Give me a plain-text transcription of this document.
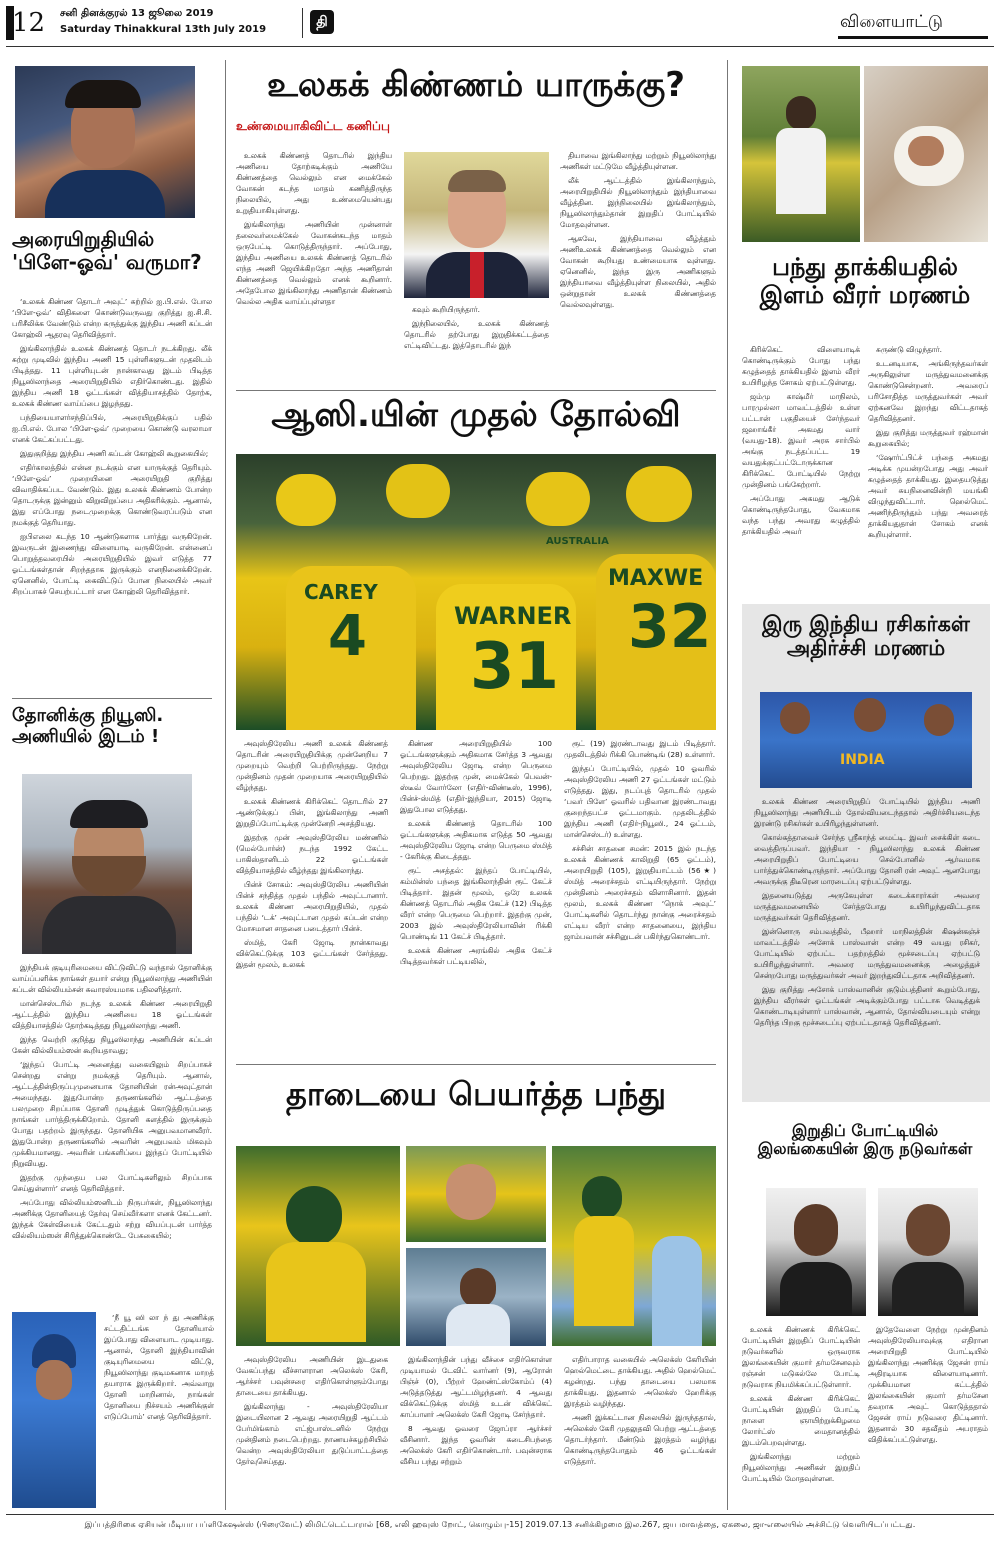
12 சனி தினக்குரல் 13 ஜூலை 2019
Saturday Thinakkural 13th July 2019	தி	விளையாட்டு
அரையிறுதியில் 'பிளே-ஓவ்' வருமா?

‘உலகக் கிண்ண தொடர் அவுட்’ சுற்றில் ஐ.பி.எல். போல ‘பிளே-ஓவ்’ விதிகளை கொண்டுவருவது குறித்து ஐ.சி.சி. பரிசீலிக்க வேண்டும் என்ற கருத்துக்கு இந்திய அணி கப்டன் கோஹ்லி ஆதரவு தெரிவித்தார்.

இங்கிலாந்தில் உலகக் கிண்ணத் தொடர் நடக்கிறது. லீக் சுற்று முடிவில் இந்திய அணி 15 புள்ளிகளுடன் முதலிடம் பிடித்தது. 11 புள்ளியுடன் நான்காவது இடம் பிடித்த நியூஸிலாந்தை அரையிறுதியில் எதிர்கொண்டது. இதில் இந்திய அணி 18 ஓட்டங்கள் வித்தியாசத்தில் தோற்க, உலகக் கிண்ண வாய்ப்பை இழந்தது.

பந்தியையாளர்சந்திப்பில், அரையிறுதிக்குப் பதில் ஐ.பி.எல். போல ‘பிளே-ஓவ்’ முறையை கொண்டு வரலாமா எனக் கேட்கப்பட்டது.

இதுகுறித்து இந்திய அணி கப்டன் கோஹ்லி கூறுகையில்;

எதிர்காலத்தில் என்ன நடக்கும் என யாருக்குத் தெரியும். ‘பிளே-ஓவ்’ முறையினை அரையிறுதி குறித்து விவாதிக்கப்பட வேண்டும். இது உலகக் கிண்ணம் போன்ற தொடருக்கு இன்னும் விறுவிறுப்பை அதிகரிக்கும். ஆனால், இது எப்போது நடைமுறைக்கு கொண்டுவரப்படும் என நமக்குத் தெரியாது.

ஐபிஎலை கடந்த 10 ஆண்டுகளாக பார்த்து வருகிறேன். இவருடன் இணைந்து விளையாடி வருகிறேன். என்னைப் பொறுத்தவரையில் அரையிறுதியில் இவர் எடுத்த 77 ஓட்டங்கள்தான் சிறந்ததாக இருக்கும் எனநினைக்கிறேன். ஏனெனில், போட்டி கைவிட்டுப் போன நிலையில் அவர் சிறப்பாகச் செயற்பட்டார் என கோஹ்லி தெரிவித்தார்.

தோனிக்கு நியூஸி. அணியில் இடம் !

இந்தியக் குடியுரிமையை விட்டுவிட்டு வந்தால் தோனிக்கு வாய்ப்பளிக்க நாங்கள் தயார் என்று நியூஸிலாந்து அணியின் கப்டன் வில்லியம்சன் சுவாரஸ்யமாக பதிலளித்தார்.

மான்செஸ்டரில் நடந்த உலகக் கிண்ண அரையிறுதி ஆட்டத்தில் இந்திய அணியை 18 ஓட்டங்கள் வித்தியாசத்தில் தோற்கடித்தது நியூஸிலாந்து அணி.

இந்த வெற்றி குறித்து நியூஸிலாந்து அணியின் கப்டன் கேன் வில்லியம்ஸன் கூறியதாவது;

‘இந்தப் போட்டி அனைத்து வகையிலும் சிறப்பாகச் சென்றது என்று நமக்குத் தெரியும். ஆனால், ஆட்டத்தின்திருப்புமுனையாக தோனியின் ரன்அவுட்தான் அமைந்தது. இதுபோன்ற தருணங்களில் ஆட்டத்தை பலமுறை சிறப்பாக தோனி முடித்துக் கொடுத்திருப்பதை நாங்கள் பார்த்திருக்கிறோம். தோனி களத்தில் இருக்கும் போது பதற்றம் இருந்தது. தோனியிக அனுபவமானவீரர். இதுபோன்ற தருணங்களில் அவரின் அனுபவம் மிகவும் முக்கியமானது. அவரின் பங்களிப்பை இந்தப் போட்டியில் நிறுவியது.

இதற்கு முந்தைய பல போட்டிகளிலும் சிறப்பாக செய்துள்ளார்’ எனத் தெரிவித்தார்.

அப்போது வில்லியம்ஸனிடம் நிருபர்கள், நியூஸிலாந்து அணிக்கு தோனியைத் தேர்வு செய்வீர்களா எனக் கேட்டனர். இந்தக் கேள்வியைக் கேட்டதும் சற்று வியப்புடன் பார்த்த வில்லியம்ஸன் சிரித்துக்கொண்டே பேசுகையில்;

‘நீ யூ ஸி லா ந் து அணிக்கு சட்டதிட்டங்க தோனியால் இப்போது விளையாட முடியாது. ஆனால், தோனி இந்தியாவின் குடியுரிமையை விட்டு, நியூஸிலாந்து குடிமகனாக மாறத் தயாராக இருக்கிறார். அவ்வாறு தோனி மாறினால், நாங்கள் தோனியை நிச்சயம் அணிக்குள் எடுப்போம்’ எனத் தெரிவித்தார்.

உலகக் கிண்ணம் யாருக்கு?
உண்மையாகிவிட்ட கணிப்பு

உலகக் கிண்ணத் தொடரில் இந்திய அணியை தோற்கடிக்கும் அணியே கிண்ணத்தை வெல்லும் என மைக்கேல் வோகன் கடந்த மாதம் கணித்திருந்த நிலையில், அது உண்மையென்பது உறுதியாகியுள்ளது.

இங்கிலாந்து அணியின் முன்னாள் தலைவர்மைக்கேல் வோகன்கடந்த மாதம் ஒருபேட்டி கொடுத்திருந்தார். அப்போது, இந்திய அணியை உலகக் கிண்ணத் தொடரில் எந்த அணி ஜெயிக்கிறதோ அந்த அணிதான் கிண்ணத்தை வெல்லும் எனக் கூறினார். அதேபோல இங்கிலாந்து அணிதான் கிண்ணம் வெல்ல அதிக வாய்ப்புள்ளதா

கவும் கூறியிருந்தார்.

இந்நிலையில், உலகக் கிண்ணத் தொடரில் தற்போது இறுதிக்கட்டத்தை எட்டிவிட்டது. இத்தொடரில் இந்

தியாவை இங்கிலாந்து மற்றும் நியூஸிலாந்து அணிகள் மட்டுமே வீழ்த்தியுள்ளன.

லீக் ஆட்டத்தில் இங்கிலாந்தும், அரையிறுதியில் நியூஸிலாந்தும் இந்தியாவை வீழ்த்தின. இந்நிலையில் இங்கிலாந்தும், நியூஸிலாந்தும்தான் இறுதிப் போட்டியில் மோதவுள்ளன.

ஆகவே, இந்தியாவை வீழ்த்தும் அணிஉலகக் கிண்ணத்தை வெல்லும் என வோகன் கூறியது உண்மையாக வுள்ளது. ஏனெனில், இந்த இரு அணிகளும் இந்தியாவை வீழ்த்தியுள்ள நிலையில், அதில் ஒன்றுதான் உலகக் கிண்ணத்தை வெல்லவுள்ளது.

ஆஸி.யின் முதல் தோல்வி
CAREY
4	WARNER
31
MAXWE
32
AUSTRALIA

அவுஸ்திரேலிய அணி உலகக் கிண்ணத் தொடரின் அரையிறுதியிக்கு முன்னேறிய 7 முறையும் வெற்றி பெற்றிருந்தது. நேற்று முன்தினம் முதன் முறையாக அரையிறுதியில் வீழ்ந்தது.

உலகக் கிண்ணக் கிரிக்கெட் தொடரில் 27 ஆண்டுக்குப் பின், இங்கிலாந்து அணி இறுதிப்போட்டிக்கு முன்னேறி அசத்தியது.

இதற்கு முன் அவுஸ்திரேலிய மண்ணில் (மெல்போர்ன்) நடந்த 1992 கேட்ட பாகிஸ்தானிடம் 22 ஓட்டங்கள் வித்தியாசத்தில் வீழ்ந்தது இங்கிலாந்து.

பின்ச் சோகம்: அவுஸ்திரேலிய அணியின் பின்ச் சந்தித்த முதல் பந்தில் அவுட்டானார். உலகக் கிண்ண அரையிறுதியில், முதல் பந்தில் ‘டக்’ அவுட்டான முதல் கப்டன் என்ற மோசமான சாதனை படைத்தார் பின்ச்.

ஸ்மித், கேரி ஜோடி நான்காவது விக்கெட்டுக்கு 103 ஓட்டங்கள் சேர்த்தது. இதன் மூலம், உலகக்

கிண்ண அரையிறுதியில் 100 ஓட்டங்களுக்கும் அதிகமாக சேர்த்த 3 ஆவது அவுஸ்திரேலிய ஜோடி என்ற பெருமை பெற்றது. இதற்கு முன், மைக்கேல் பெவன்-ஸ்டீவ் வோர்லோ (எதிர்-விண்டீஸ், 1996), பின்ச்-ஸ்மித் (எதிர்-இந்தியா, 2015) ஜோடி இதுபோல எடுத்தது.

உலகக் கிண்ணத் தொடரில் 100 ஓட்டங்களுக்கு அதிகமாக எடுத்த 50 ஆவது அவுஸ்திரேலிய ஜோடி என்ற பெருமை ஸ்மித் - கேரிக்கு கிடைத்தது.

ரூட் அசத்தல்: இந்தப் போட்டியில், கம்மின்ஸ் பந்தை இங்கிலாந்தின் ரூட் கேட்ச் பிடித்தார். இதன் மூலம், ஒரே உலகக் கிண்ணத் தொடரில் அதிக கேட்ச் (12) பிடித்த வீரர் என்ற பெருமை பெற்றார். இதற்கு முன், 2003 இல் அவுஸ்திரேலியாவின் ரிக்கி பொண்டிங் 11 கேட்ச் பிடித்தார்.

உலகக் கிண்ண அரங்கில் அதிக கேட்ச் பிடித்தவர்கள் பட்டியலில்,

ரூட் (19) இரண்டாவது இடம் பிடித்தார். முதலிடத்தில் ரிக்கி பொண்டிங் (28) உள்ளார்.

இந்தப் போட்டியில், முதல் 10 ஓவரில் அவுஸ்திரேலிய அணி 27 ஓட்டங்கள் மட்டும் எடுத்தது. இது, நடப்புத் தொடரில் முதல் ‘பவர் பிளே’ ஓவரில் பதிவான இரண்டாவது குறைந்தபட்ச ஓட்டமாகும். முதலிடத்தில் இந்திய அணி (எதிர்-நியூஸி., 24 ஓட்டம், மான்செஸ்டர்) உள்ளது.

சச்சின் சாதனை சமன்: 2015 இல் நடந்த உலகக் கிண்ணக் காலிறுதி (65 ஓட்டம்), அரையிறுதி (105), இறுதியாட்டம் (56★) ஸ்மித் அரைச்சதம் எட்டியிருந்தார். நேற்று முன்தினம் அரைச்சதம் விளாசினார். இதன் மூலம், உலகக் கிண்ண ‘நொக் அவுட்’ போட்டிகளில் தொடர்ந்து நான்கு அரைச்சதம் எட்டிய வீரர் என்ற சாதனையை, இந்திய ஜாம்பவான் சச்சினுடன் பகிர்ந்துகொண்டார்.

தாடையை பெயர்த்த பந்து

அவுஸ்திரேலிய அணியின் இடதுகை வேகப்பந்து வீச்சாளரான அலெக்ஸ் கேரி, ஆர்ச்சர் பவுன்சரை எதிர்கொள்ளும்போது தாடையை தாக்கியது.

இங்கிலாந்து - அவுஸ்திரேலியா இடையிலான 2 ஆவது அரையிறுதி ஆட்டம் பேர்மிங்காம் எட்ஜ்பாஸ்டனில் நேற்று முன்தினம் நடைபெற்றது. நாணயச்சுழற்சியில் வென்ற அவுஸ்திரேலியா துடுப்பாட்டத்தை தேர்வுசெய்தது.

இங்கிலாந்தின் பந்து வீச்சை எதிர்கொள்ள முடியாமல் டேவிட் வார்னர் (9), ஆரோன் பிஞ்ச் (0), பீற்றர் ஹேண்ட்ஸ்கோம்ப் (4) அடுத்தடுத்து ஆட்டமிழந்தனர். 4 ஆவது விக்கெட்டுக்கு ஸ்மித் உடன் விக்கெட் காப்பாளர் அலெக்ஸ் கேரி ஜோடி சேர்ந்தார்.

8 ஆவது ஓவரை ஜோப்ரா ஆர்ச்சர் வீசினார். இந்த ஓவரின் கடைசிபந்தை அலெக்ஸ் கேரி எதிர்கொண்டார். பவுன்சராக வீசிய பந்து சற்றும்

எதிர்பாராத வகையில் அலெக்ஸ் கேரியின் ஹெல்மெட்டை தாக்கியது. அதில் ஹெல்மெட் கழன்றது. பந்து தாடையை பலமாக தாக்கியது. இதனால் அலெக்ஸ் ஹேரிக்கு இரத்தம் வழிந்தது.

அணி இக்கட்டான நிலையில் இருந்ததால், அலெக்ஸ் கேரி முதலுதவி பெற்று ஆட்டத்தை தொடர்ந்தார். மீண்டும் இரத்தம் வழிந்து கொண்டிருந்தபோதும் 46 ஓட்டங்கள் எடுத்தார்.

பந்து தாக்கியதில் இளம் வீரர் மரணம்

கிரிக்கெட் விளையாடிக் கொண்டிருக்கும் போது பந்து கழுத்தைத் தாக்கியதில் இளம் வீரர் உயிரிழந்த சோகம் ஏற்பட்டுள்ளது.

ஜம்மு காஷ்மீர் மாநிலம், பாரமுல்லா மாவட்டத்தில் உள்ள பட்டான் பகுதியைச் சேர்ந்தவர் ஜஹாங்கீர் அகமது வார் (வயது-18). இவர் அரசு சார்பில் அங்கு நடத்தப்பட்ட 19 வயதுக்குட்பட்டோருக்கான கிரிக்கெட் போட்டியில் நேற்று முன்தினம் பங்கேற்றார்.

அப்போது அகமது ஆடுக் கொண்டிருந்தபோது, வேகமாக வந்த பந்து அவரது கழுத்தில் தாக்கியதில் அவர்

சுருண்டு விழுந்தார்.

உடனடியாக, அங்கிருந்தவர்கள் அருகிலுள்ள மருத்துவமனைக்கு கொண்டுசென்றனர். அவரைப் பரிசோதித்த மருத்துவர்கள் அவர் ஏற்கனவே இறந்து விட்டதாகத் தெரிவித்தனர்.

இது குறித்து மருத்துவர் ரஹ்மான் கூறுகையில்;

‘ஷோர்ட்பிட்ச் பந்தை அகமது அடிக்க முயன்றபோது அது அவர் கழுத்தைத் தாக்கியது. இதையடுத்து அவர் சுயநினைவின்றி மயங்கி விழுந்துவிட்டார். ஹெல்மெட் அணிந்திருந்தும் பந்து அவரைத் தாக்கியதுதான் சோகம் எனக் கூறியுள்ளார்.

இரு இந்திய ரசிகர்கள் அதிர்ச்சி மரணம்
INDIA

உலகக் கிண்ண அரையிறுதிப் போட்டியில் இந்திய அணி நியூஸிலாந்து அணியிடம் தோல்வியடைந்ததால் அதிர்ச்சியடைந்த இரண்டு ரசிகர்கள் உயிரிழந்துள்ளனர்.

கொல்கத்தாவைச் சேர்ந்த ஸ்ரீகாந்த் மைட்டி. இவர் சைக்கிள் கடை வைத்திருப்பவர். இந்தியா - நியூஸிலாந்து உலகக் கிண்ண அரையிறுதிப் போட்டியை செல்போனில் ஆர்வமாக பார்த்துக்கொண்டிருந்தார். அப்போது தோனி ரன் அவுட் ஆனபோது அவருக்கு திடீரென மாரடைப்பு ஏற்பட்டுள்ளது.

இதனையடுத்து அருகேயுள்ள கடைக்காரர்கள் அவரை மருத்துவமனையில் சேர்த்தபோது உயிரிழந்துவிட்டதாக மருத்துவர்கள் தெரிவித்தனர்.

இன்னொரு சம்பவத்தில், பீஹார் மாநிலத்தின் கிஷன்கஞ்ச் மாவட்டத்தில் அசோக் பாஸ்வான் என்ற 49 வயது ரசிகர், போட்டியில் ஏற்பட்ட பதற்றத்தில் மூச்சடைப்பு ஏற்பட்டு உயிரிழந்துள்ளார். அவரை மருத்துவமனைக்கு அழைத்துச் சென்றபோது மருத்துவர்கள் அவர் இறந்துவிட்டதாக அறிவித்தனர்.

இது குறித்து அசோக் பாஸ்வானின் குடும்பத்தினர் கூறும்போது, இந்திய வீரர்கள் ஓட்டங்கள் அடிக்கும்போது பட்டாசு வெடித்துக் கொண்டாடியுள்ளார் பாஸ்வான், ஆனால், தோல்வியடையும் என்று தெரிந்த பிறகு மூச்சடைப்பு ஏற்பட்டதாகத் தெரிவித்தனர்.

இறுதிப் போட்டியில் இலங்கையின் இரு நடுவர்கள்

உலகக் கிண்ணக் கிரிக்கெட் போட்டியின் இறுதிப் போட்டியின் நடுவர்களில் ஒருவராக இலங்கையின் குமார் தர்மசேனவும் ரஞ்சன் மடுகல்லே போட்டி நடுவராக நியமிக்கப்பட்டுள்ளார்.

உலகக் கிண்ண கிரிக்கெட் போட்டியின் இறுதிப் போட்டி நாளை ஞாயிற்றுக்கிழமை லோர்ட்ஸ் மைதானத்தில் இடம்பெறவுள்ளது.

இங்கிலாந்து மற்றும் நியூஸிலாந்து அணிகள் இறுதிப் போட்டியில் மோதவுள்ளன.

இதேவேளை நேற்று முன்தினம் அவுஸ்திரேலியாவுக்கு எதிரான அரையிறுதி போட்டியில் இங்கிலாந்து அணிக்கு ஜேசன் ராய் அதிரடியாக விளையாடினார். முக்கியமான கட்டத்தில் இலங்கையின் குமார் தர்மசேன தவறாக அவுட் கொடுத்ததால் ஜேசன் ராய் நடுவரை திட்டினார். இதனால் 30 சதவீதம் அபராதம் விதிக்கப்பட்டுள்ளது.

இப்பத்திரிகை ஏசியன் மீடியா பப்ளிகேஷன்ஸ் (பிரைவேட்) லிமிட்டெட்டாரால் [68, எலி ஹவுஸ் றோட், கொழும்பு-15] 2019.07.13 சனிக்கிழமை இல.267, ஜய மாவத்தை, ஏகலை, ஜா-எலையில் அச்சிட்டு வெளியிடப்பட்டது.
